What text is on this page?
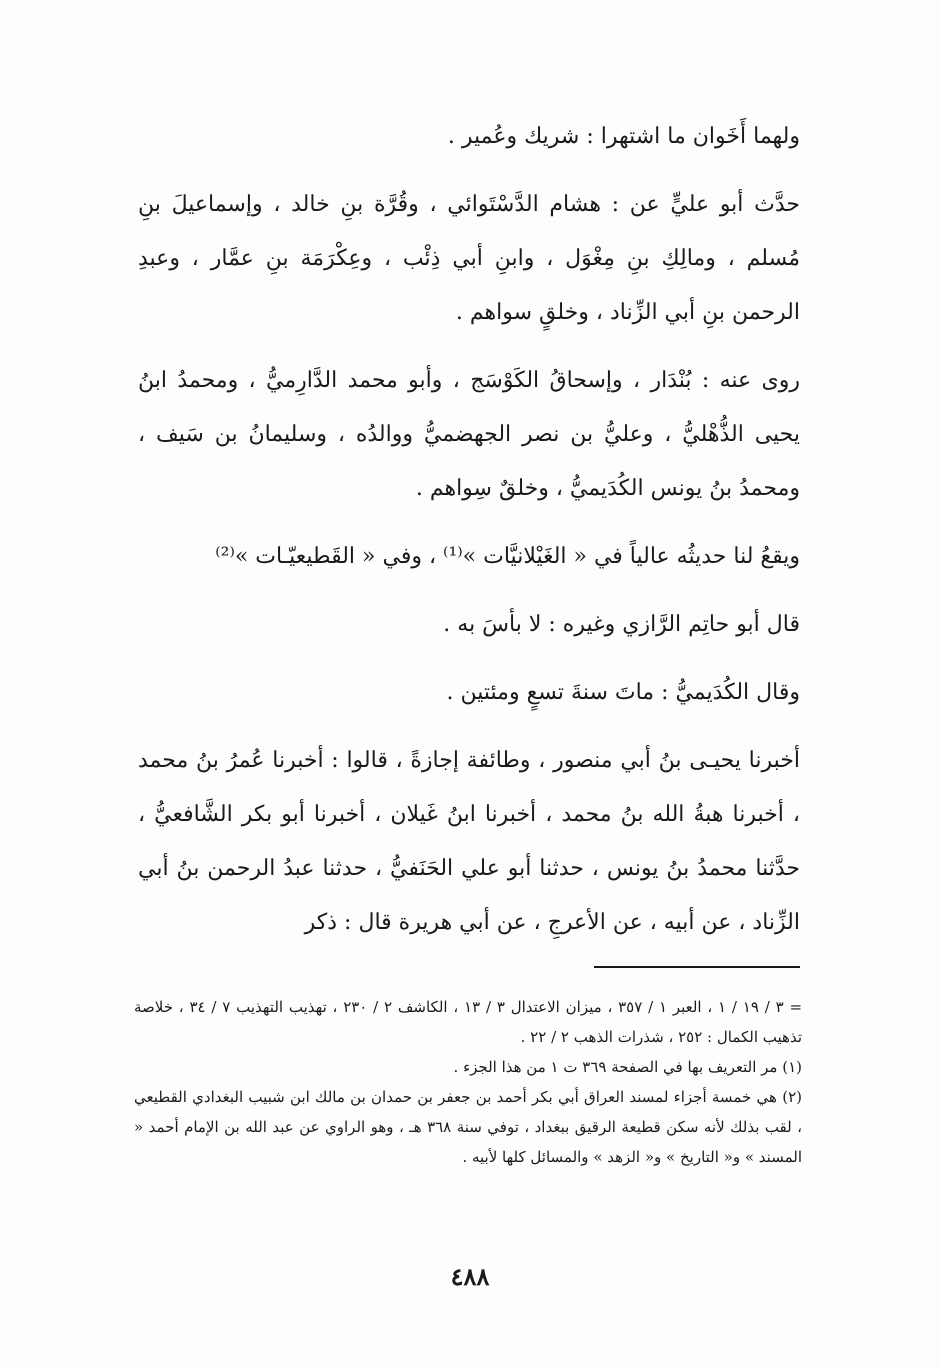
ولهما أَخَوان ما اشتهرا : شريك وعُمير .

حدَّث أبو عليٍّ عن : هشام الدَّسْتَوائي ، وقُرَّة بنِ خالد ، وإسماعيلَ بنِ مُسلم ، ومالِكِ بنِ مِغْوَل ، وابنِ أبي ذِئْب ، وعِكْرَمَة بنِ عمَّار ، وعبدِ الرحمن بنِ أبي الزِّناد ، وخلقٍ سواهم .

روى عنه : بُنْدَار ، وإسحاقُ الكَوْسَج ، وأبو محمد الدَّارِميُّ ، ومحمدُ ابنُ يحيى الذُّهْليُّ ، وعليُّ بن نصر الجهضميُّ ووالدُه ، وسليمانُ بن سَيف ، ومحمدُ بنُ يونس الكُدَيميُّ ، وخلقٌ سِواهم .

ويقعُ لنا حديثُه عالياً في « الغَيْلانيَّات »⁽¹⁾ ، وفي « القَطيعيّـات »⁽²⁾

قال أبو حاتِم الرَّازي وغيره : لا بأسَ به .

وقال الكُدَيميُّ : ماتَ سنةَ تسعٍ ومئتين .

أخبرنا يحيـى بنُ أبي منصور ، وطائفة إجازةً ، قالوا : أخبرنا عُمرُ بنُ محمد ، أخبرنا هبةُ الله بنُ محمد ، أخبرنا ابنُ غَيلان ، أخبرنا أبو بكر الشَّافعيُّ ، حدَّثنا محمدُ بنُ يونس ، حدثنا أبو علي الحَنَفيُّ ، حدثنا عبدُ الرحمن بنُ أبي الزِّناد ، عن أبيه ، عن الأعرجِ ، عن أبي هريرة قال : ذكر

= ٣ / ١٩ / ١ ، العبر ١ / ٣٥٧ ، ميزان الاعتدال ٣ / ١٣ ، الكاشف ٢ / ٢٣٠ ، تهذيب التهذيب ٧ / ٣٤ ، خلاصة تذهيب الكمال : ٢٥٢ ، شذرات الذهب ٢ / ٢٢ .

(١) مر التعريف بها في الصفحة ٣٦٩ ت ١ من هذا الجزء .

(٢) هي خمسة أجزاء لمسند العراق أبي بكر أحمد بن جعفر بن حمدان بن مالك ابن شبيب البغدادي القطيعي ، لقب بذلك لأنه سكن قطيعة الرقيق ببغداد ، توفي سنة ٣٦٨ هـ ، وهو الراوي عن عبد الله بن الإمام أحمد « المسند » و« التاريخ » و« الزهد » والمسائل كلها لأبيه .

٤٨٨
